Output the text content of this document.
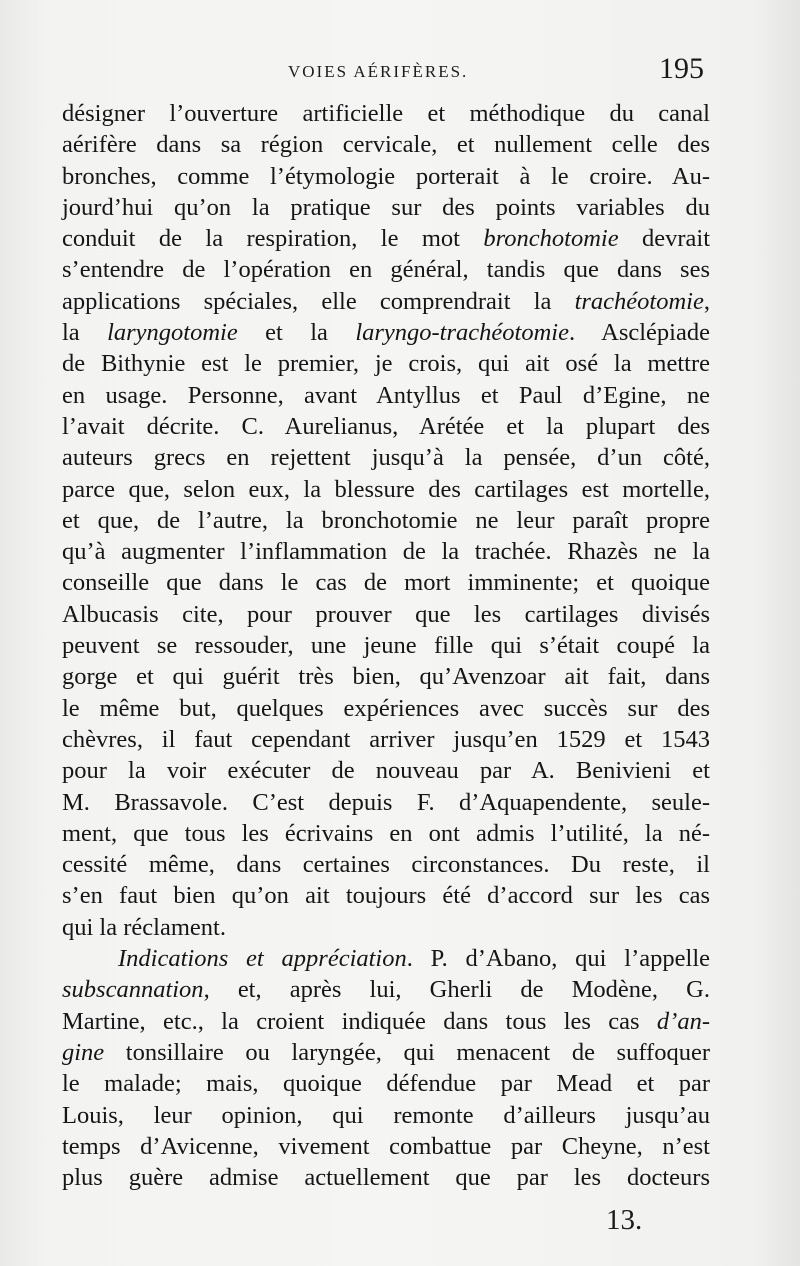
VOIES AÉRIFÈRES.	195
désigner l’ouverture artificielle et méthodique du canal
aérifère dans sa région cervicale, et nullement celle des
bronches, comme l’étymologie porterait à le croire. Au-
jourd’hui qu’on la pratique sur des points variables du
conduit de la respiration, le mot bronchotomie devrait
s’entendre de l’opération en général, tandis que dans ses
applications spéciales, elle comprendrait la trachéotomie,
la laryngotomie et la laryngo-trachéotomie. Asclépiade
de Bithynie est le premier, je crois, qui ait osé la mettre
en usage. Personne, avant Antyllus et Paul d’Egine, ne
l’avait décrite. C. Aurelianus, Arétée et la plupart des
auteurs grecs en rejettent jusqu’à la pensée, d’un côté,
parce que, selon eux, la blessure des cartilages est mortelle,
et que, de l’autre, la bronchotomie ne leur paraît propre
qu’à augmenter l’inflammation de la trachée. Rhazès ne la
conseille que dans le cas de mort imminente; et quoique
Albucasis cite, pour prouver que les cartilages divisés
peuvent se ressouder, une jeune fille qui s’était coupé la
gorge et qui guérit très bien, qu’Avenzoar ait fait, dans
le même but, quelques expériences avec succès sur des
chèvres, il faut cependant arriver jusqu’en 1529 et 1543
pour la voir exécuter de nouveau par A. Benivieni et
M. Brassavole. C’est depuis F. d’Aquapendente, seule-
ment, que tous les écrivains en ont admis l’utilité, la né-
cessité même, dans certaines circonstances. Du reste, il
s’en faut bien qu’on ait toujours été d’accord sur les cas
qui la réclament.
Indications et appréciation. P. d’Abano, qui l’appelle
subscannation, et, après lui, Gherli de Modène, G.
Martine, etc., la croient indiquée dans tous les cas d’an-
gine tonsillaire ou laryngée, qui menacent de suffoquer
le malade; mais, quoique défendue par Mead et par
Louis, leur opinion, qui remonte d’ailleurs jusqu’au
temps d’Avicenne, vivement combattue par Cheyne, n’est
plus guère admise actuellement que par les docteurs
13.
